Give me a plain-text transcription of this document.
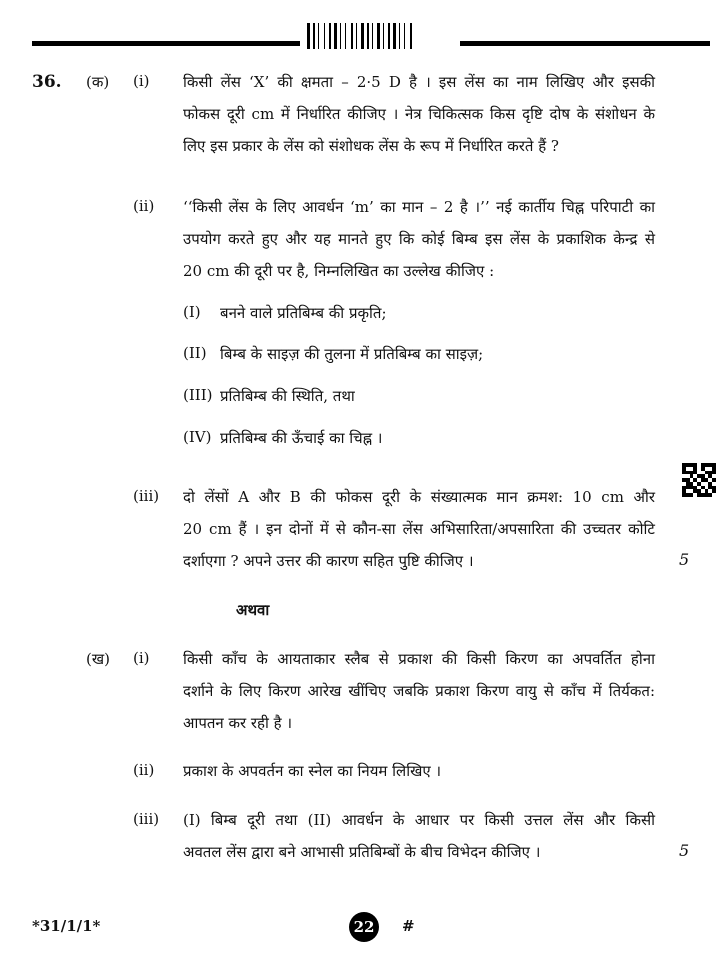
36. (क) (i) किसी लेंस ‘X’ की क्षमता – 2·5 D है । इस लेंस का नाम लिखिए और इसकी
फोकस दूरी cm में निर्धारित कीजिए । नेत्र चिकित्सक किस दृष्टि दोष के संशोधन के
लिए इस प्रकार के लेंस को संशोधक लेंस के रूप में निर्धारित करते हैं ?
(ii) ‘‘किसी लेंस के लिए आवर्धन ‘m’ का मान – 2 है ।’’ नई कार्तीय चिह्न परिपाटी का
उपयोग करते हुए और यह मानते हुए कि कोई बिम्ब इस लेंस के प्रकाशिक केन्द्र से
20 cm की दूरी पर है, निम्नलिखित का उल्लेख कीजिए :
(I) बनने वाले प्रतिबिम्ब की प्रकृति;
(II) बिम्ब के साइज़ की तुलना में प्रतिबिम्ब का साइज़;
(III) प्रतिबिम्ब की स्थिति, तथा
(IV) प्रतिबिम्ब की ऊँचाई का चिह्न ।
(iii) दो लेंसों A और B की फोकस दूरी के संख्यात्मक मान क्रमश: 10 cm और
20 cm हैं । इन दोनों में से कौन-सा लेंस अभिसारिता/अपसारिता की उच्चतर कोटि
दर्शाएगा ? अपने उत्तर की कारण सहित पुष्टि कीजिए ।	5
अथवा
(ख) (i) किसी काँच के आयताकार स्लैब से प्रकाश की किसी किरण का अपवर्तित होना
दर्शाने के लिए किरण आरेख खींचिए जबकि प्रकाश किरण वायु से काँच में तिर्यकत:
आपतन कर रही है ।
(ii) प्रकाश के अपवर्तन का स्नेल का नियम लिखिए ।
(iii) (I) बिम्ब दूरी तथा (II) आवर्धन के आधार पर किसी उत्तल लेंस और किसी
अवतल लेंस द्वारा बने आभासी प्रतिबिम्बों के बीच विभेदन कीजिए ।	5
*31/1/1*	22	#
